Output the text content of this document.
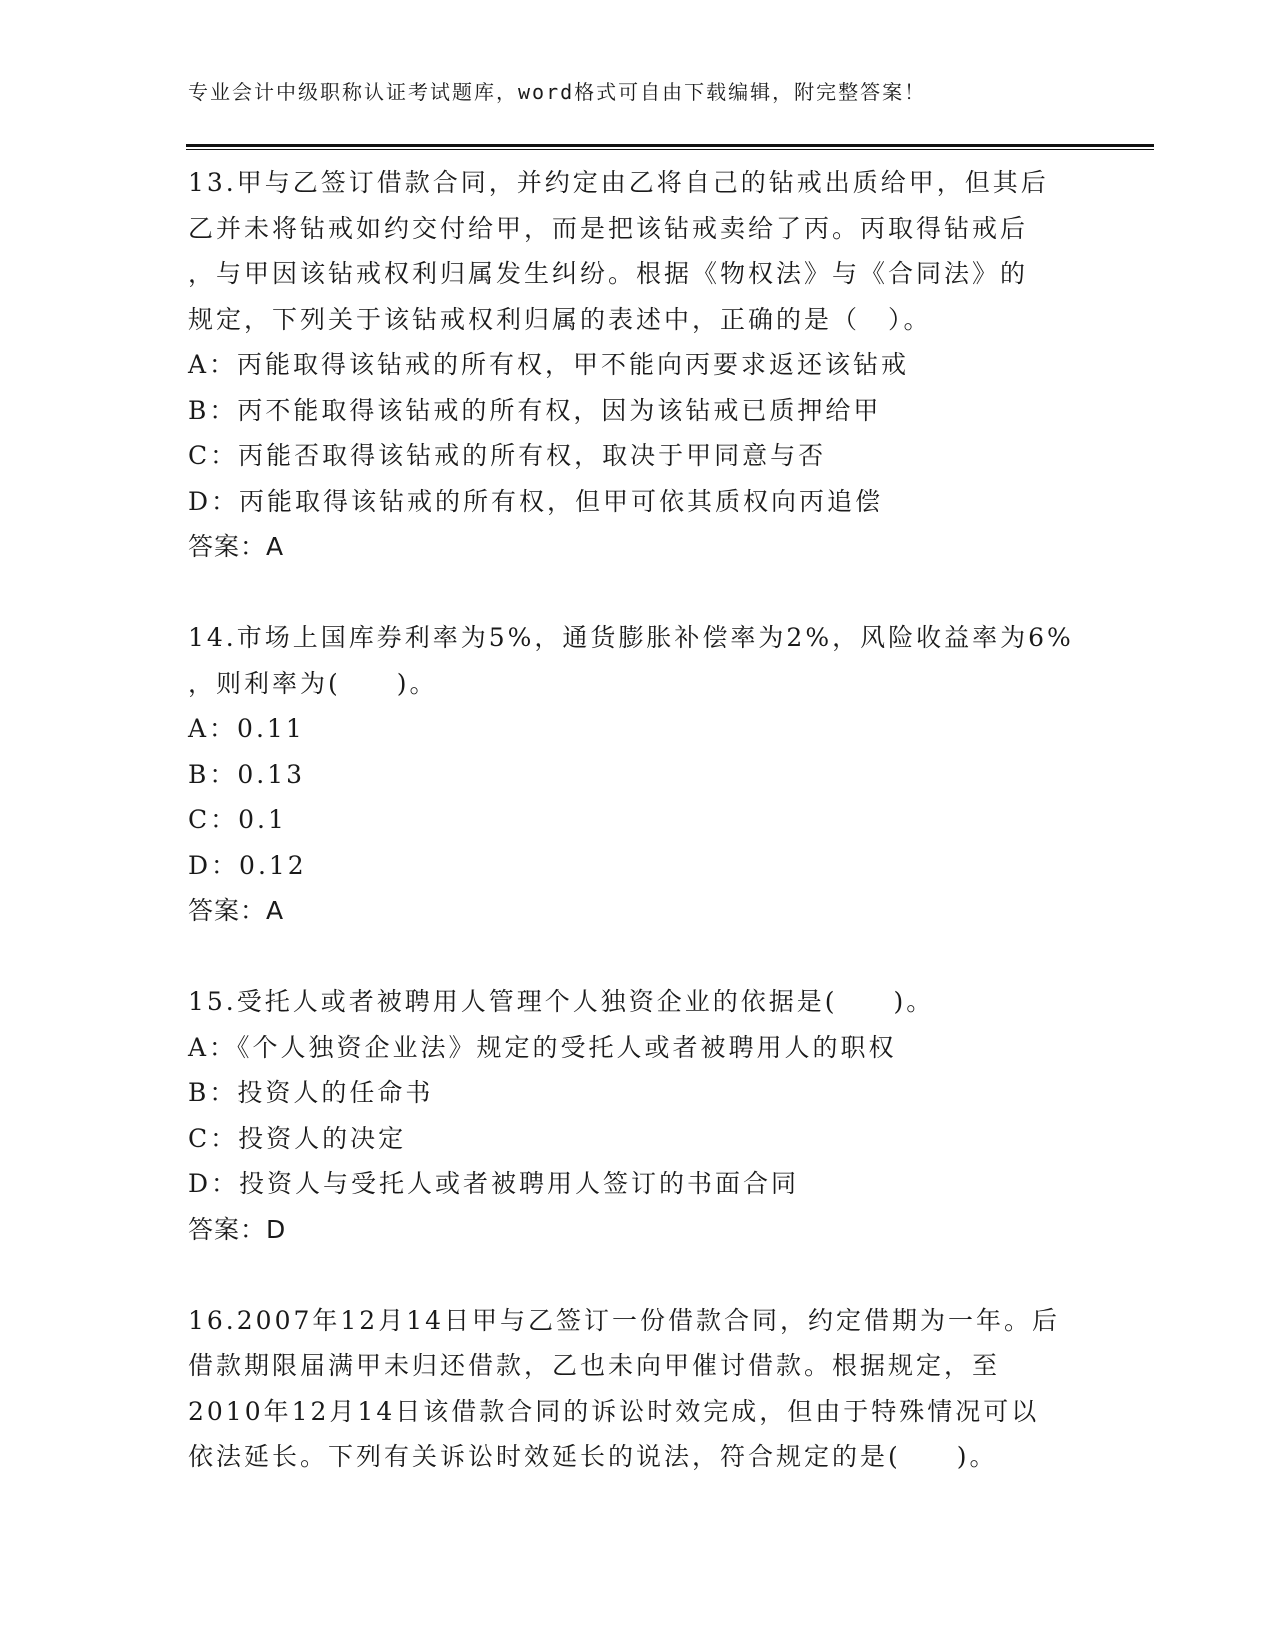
专业会计中级职称认证考试题库，word格式可自由下载编辑，附完整答案！
13.甲与乙签订借款合同，并约定由乙将自己的钻戒出质给甲，但其后
乙并未将钻戒如约交付给甲，而是把该钻戒卖给了丙。丙取得钻戒后
，与甲因该钻戒权利归属发生纠纷。根据《物权法》与《合同法》的
规定，下列关于该钻戒权利归属的表述中，正确的是（　）。
A：丙能取得该钻戒的所有权，甲不能向丙要求返还该钻戒
B：丙不能取得该钻戒的所有权，因为该钻戒已质押给甲
C：丙能否取得该钻戒的所有权，取决于甲同意与否
D：丙能取得该钻戒的所有权，但甲可依其质权向丙追偿
答案：A
14.市场上国库券利率为5%，通货膨胀补偿率为2%，风险收益率为6%
，则利率为(　　)。
A：0.11
B：0.13
C：0.1
D：0.12
答案：A
15.受托人或者被聘用人管理个人独资企业的依据是(　　)。
A：《个人独资企业法》规定的受托人或者被聘用人的职权
B：投资人的任命书
C：投资人的决定
D：投资人与受托人或者被聘用人签订的书面合同
答案：D
16.2007年12月14日甲与乙签订一份借款合同，约定借期为一年。后
借款期限届满甲未归还借款，乙也未向甲催讨借款。根据规定，至
2010年12月14日该借款合同的诉讼时效完成，但由于特殊情况可以
依法延长。下列有关诉讼时效延长的说法，符合规定的是(　　)。
